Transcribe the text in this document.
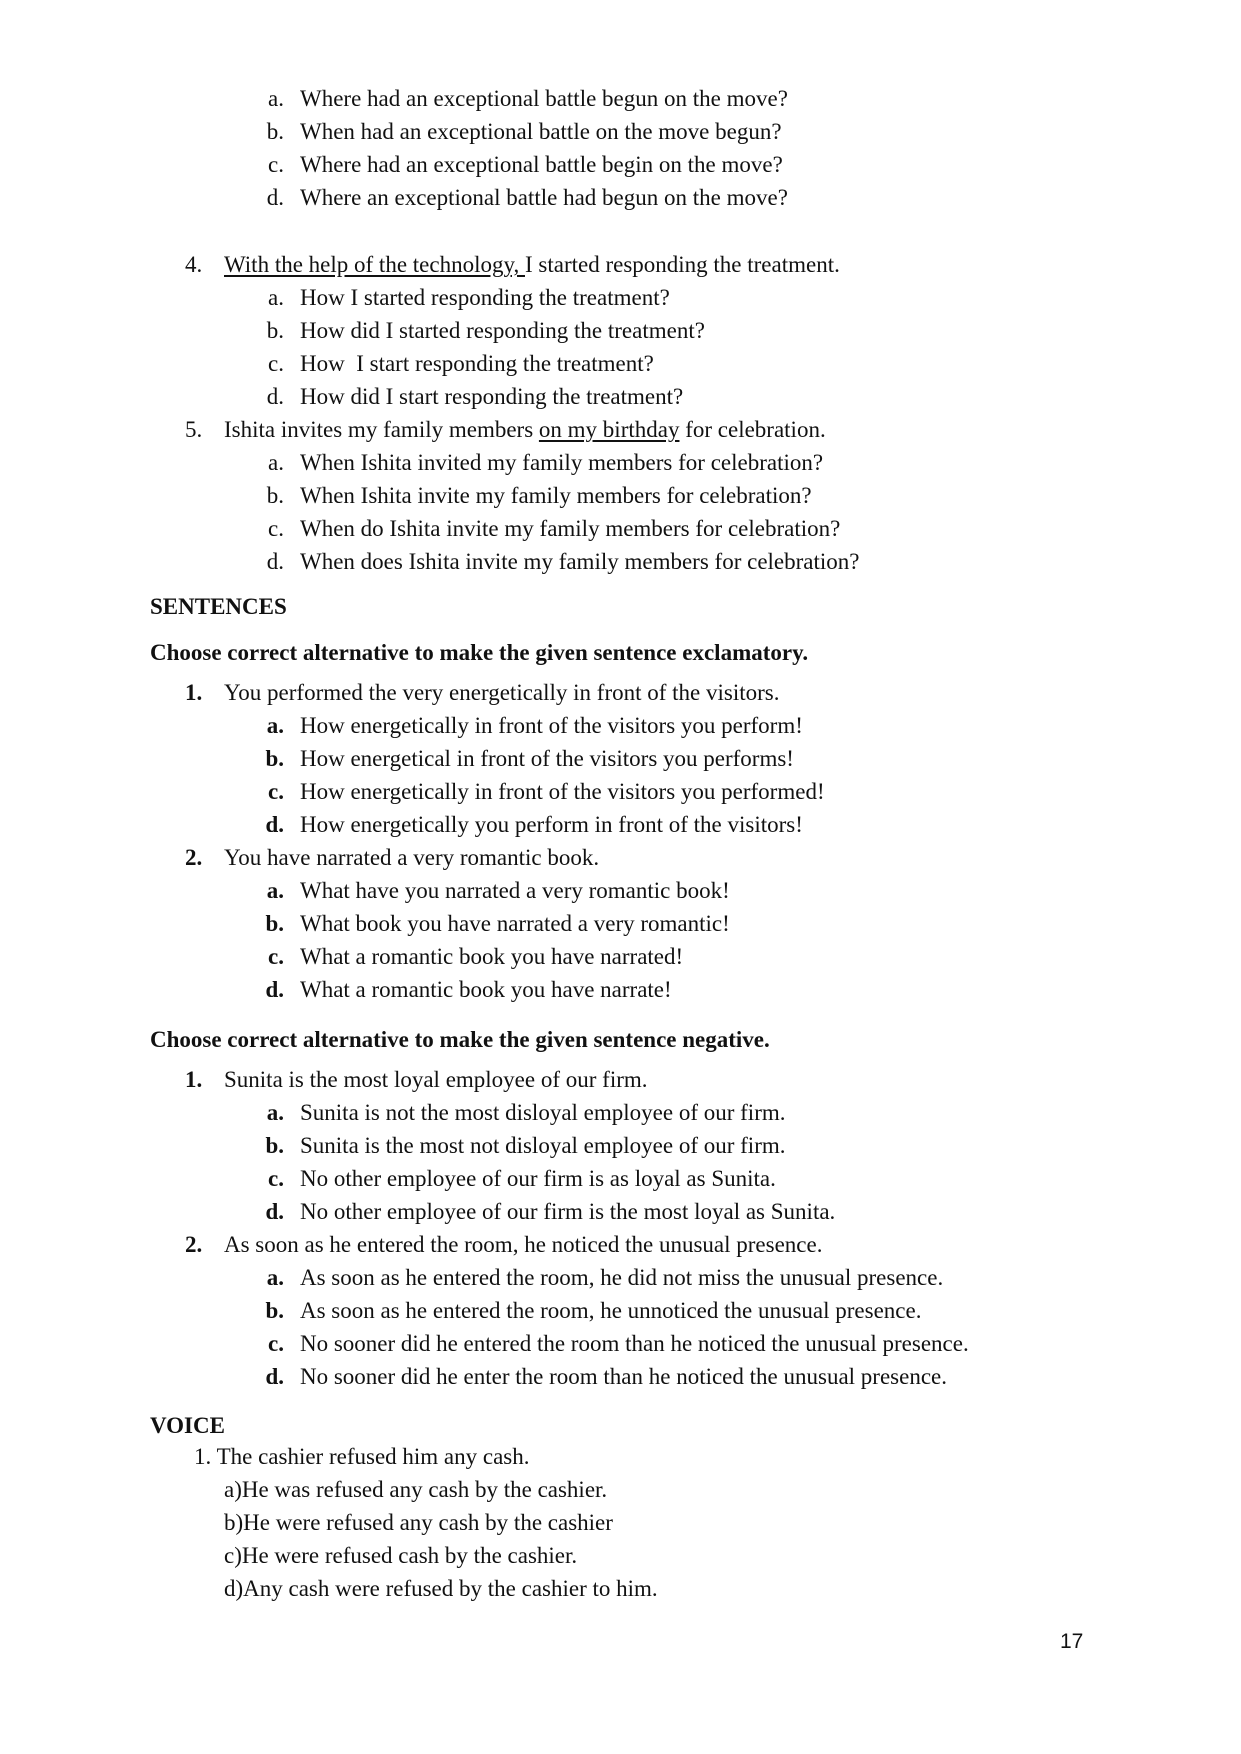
a. Where had an exceptional battle begun on the move?
b. When had an exceptional battle on the move begun?
c. Where had an exceptional battle begin on the move?
d. Where an exceptional battle had begun on the move?
4. With the help of the technology, I started responding the treatment.
a. How I started responding the treatment?
b. How did I started responding the treatment?
c. How  I start responding the treatment?
d. How did I start responding the treatment?
5. Ishita invites my family members on my birthday for celebration.
a. When Ishita invited my family members for celebration?
b. When Ishita invite my family members for celebration?
c. When do Ishita invite my family members for celebration?
d. When does Ishita invite my family members for celebration?
SENTENCES
Choose correct alternative to make the given sentence exclamatory.
1. You performed the very energetically in front of the visitors.
a. How energetically in front of the visitors you perform!
b. How energetical in front of the visitors you performs!
c. How energetically in front of the visitors you performed!
d. How energetically you perform in front of the visitors!
2. You have narrated a very romantic book.
a. What have you narrated a very romantic book!
b. What book you have narrated a very romantic!
c. What a romantic book you have narrated!
d. What a romantic book you have narrate!
Choose correct alternative to make the given sentence negative.
1. Sunita is the most loyal employee of our firm.
a. Sunita is not the most disloyal employee of our firm.
b. Sunita is the most not disloyal employee of our firm.
c. No other employee of our firm is as loyal as Sunita.
d. No other employee of our firm is the most loyal as Sunita.
2. As soon as he entered the room, he noticed the unusual presence.
a. As soon as he entered the room, he did not miss the unusual presence.
b. As soon as he entered the room, he unnoticed the unusual presence.
c. No sooner did he entered the room than he noticed the unusual presence.
d. No sooner did he enter the room than he noticed the unusual presence.
VOICE
1. The cashier refused him any cash.
a)He was refused any cash by the cashier.
b)He were refused any cash by the cashier
c)He were refused cash by the cashier.
d)Any cash were refused by the cashier to him.
17
